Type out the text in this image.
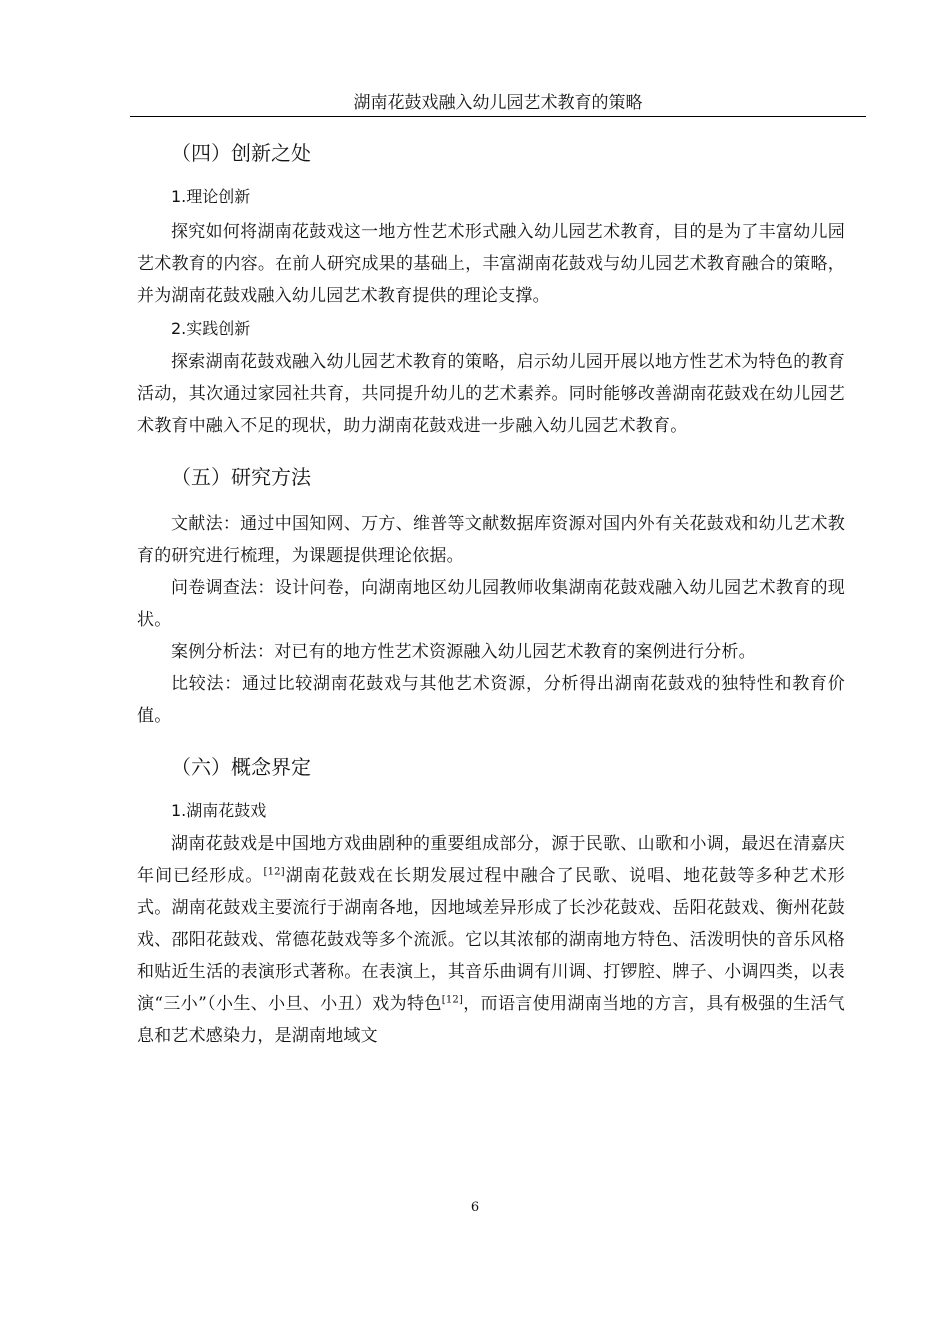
湖南花鼓戏融入幼儿园艺术教育的策略
（四）创新之处
1.理论创新

探究如何将湖南花鼓戏这一地方性艺术形式融入幼儿园艺术教育，目的是为了丰富幼儿园艺术教育的内容。在前人研究成果的基础上，丰富湖南花鼓戏与幼儿园艺术教育融合的策略，并为湖南花鼓戏融入幼儿园艺术教育提供的理论支撑。

2.实践创新

探索湖南花鼓戏融入幼儿园艺术教育的策略，启示幼儿园开展以地方性艺术为特色的教育活动，其次通过家园社共育，共同提升幼儿的艺术素养。同时能够改善湖南花鼓戏在幼儿园艺术教育中融入不足的现状，助力湖南花鼓戏进一步融入幼儿园艺术教育。

（五）研究方法

文献法：通过中国知网、万方、维普等文献数据库资源对国内外有关花鼓戏和幼儿艺术教育的研究进行梳理，为课题提供理论依据。

问卷调查法：设计问卷，向湖南地区幼儿园教师收集湖南花鼓戏融入幼儿园艺术教育的现状。

案例分析法：对已有的地方性艺术资源融入幼儿园艺术教育的案例进行分析。

比较法：通过比较湖南花鼓戏与其他艺术资源，分析得出湖南花鼓戏的独特性和教育价值。

（六）概念界定
1.湖南花鼓戏

湖南花鼓戏是中国地方戏曲剧种的重要组成部分，源于民歌、山歌和小调，最迟在清嘉庆年间已经形成。[12]湖南花鼓戏在长期发展过程中融合了民歌、说唱、地花鼓等多种艺术形式。湖南花鼓戏主要流行于湖南各地，因地域差异形成了长沙花鼓戏、岳阳花鼓戏、衡州花鼓戏、邵阳花鼓戏、常德花鼓戏等多个流派。它以其浓郁的湖南地方特色、活泼明快的音乐风格和贴近生活的表演形式著称。在表演上，其音乐曲调有川调、打锣腔、牌子、小调四类，以表演“三小”（小生、小旦、小丑）戏为特色[12]，而语言使用湖南当地的方言，具有极强的生活气息和艺术感染力，是湖南地域文

6
